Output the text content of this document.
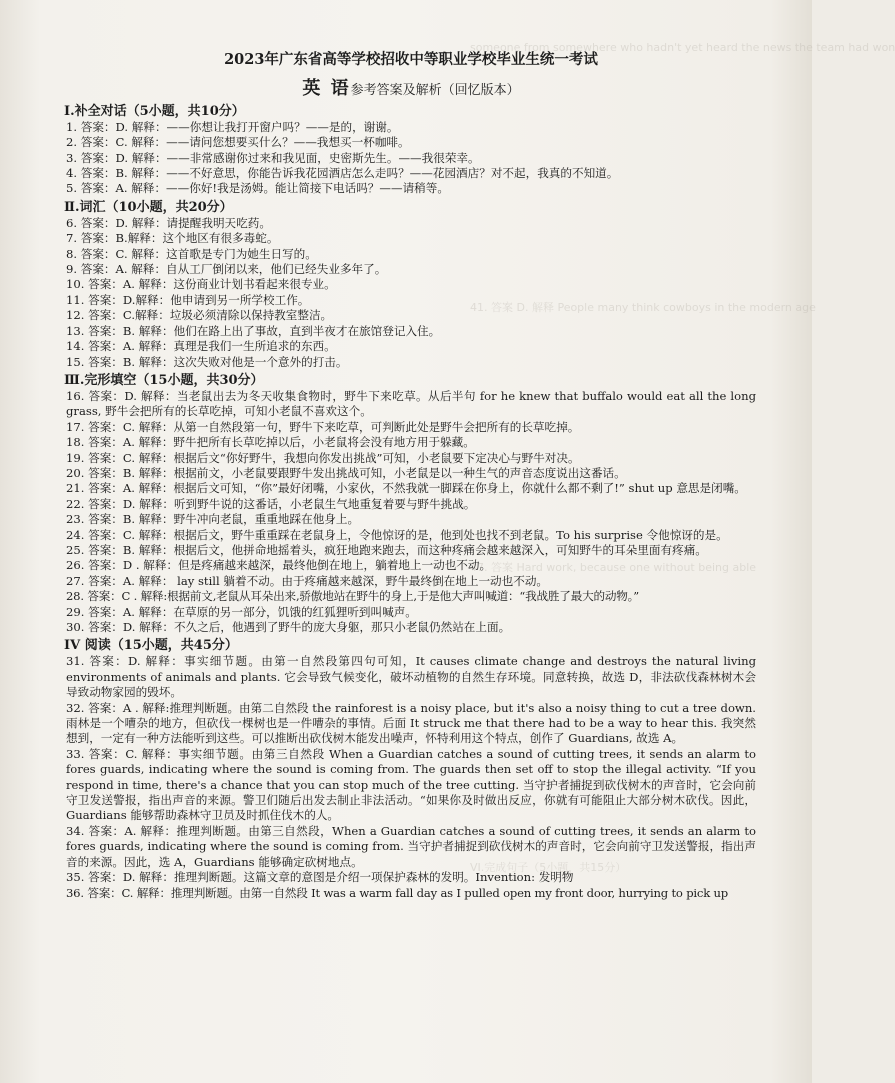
someone from somewhere who hadn't yet heard the news the team had won
41. 答案 D. 解释 People many think cowboys in the modern age
47. 答案 Hard work, because one without being able
VI.完成句子（5小题，共15分）
2023年广东省高等学校招收中等职业学校毕业生统一考试
英 语参考答案及解析（回忆版本）
I.补全对话（5小题，共10分）
1. 答案：D. 解释：——你想让我打开窗户吗？——是的，谢谢。
2. 答案：C. 解释：——请问您想要买什么？——我想买一杯咖啡。
3. 答案：D. 解释：——非常感谢你过来和我见面，史密斯先生。——我很荣幸。
4. 答案：B. 解释：——不好意思，你能告诉我花园酒店怎么走吗？——花园酒店？对不起，我真的不知道。
5. 答案：A. 解释：——你好!我是汤姆。能让简接下电话吗？——请稍等。
Ⅱ.词汇（10小题，共20分）
6. 答案：D. 解释：请提醒我明天吃药。
7. 答案：B.解释：这个地区有很多毒蛇。
8. 答案：C. 解释：这首歌是专门为她生日写的。
9. 答案：A. 解释：自从工厂倒闭以来，他们已经失业多年了。
10. 答案：A. 解释：这份商业计划书看起来很专业。
11. 答案：D.解释：他申请到另一所学校工作。
12. 答案：C.解释：垃圾必须清除以保持教室整洁。
13. 答案：B. 解释：他们在路上出了事故，直到半夜才在旅馆登记入住。
14. 答案：A. 解释：真理是我们一生所追求的东西。
15. 答案：B. 解释：这次失败对他是一个意外的打击。
Ⅲ.完形填空（15小题，共30分）
16. 答案：D. 解释：当老鼠出去为冬天收集食物时，野牛下来吃草。从后半句 for he knew that buffalo would eat all the long grass, 野牛会把所有的长草吃掉，可知小老鼠不喜欢这个。
17. 答案：C. 解释：从第一自然段第一句，野牛下来吃草，可判断此处是野牛会把所有的长草吃掉。
18. 答案：A. 解释：野牛把所有长草吃掉以后，小老鼠将会没有地方用于躲藏。
19. 答案：C. 解释：根据后文“你好野牛，我想向你发出挑战”可知，小老鼠要下定决心与野牛对决。
20. 答案：B. 解释：根据前文，小老鼠要跟野牛发出挑战可知，小老鼠是以一种生气的声音态度说出这番话。
21. 答案：A. 解释：根据后文可知，“你”最好闭嘴，小家伙，不然我就一脚踩在你身上，你就什么都不剩了!” shut up 意思是闭嘴。
22. 答案：D. 解释：听到野牛说的这番话，小老鼠生气地重复着要与野牛挑战。
23. 答案：B. 解释：野牛冲向老鼠，重重地踩在他身上。
24. 答案：C. 解释：根据后文，野牛重重踩在老鼠身上，令他惊讶的是，他到处也找不到老鼠。To his surprise 令他惊讶的是。
25. 答案：B. 解释：根据后文，他拼命地摇着头，疯狂地跑来跑去，而这种疼痛会越来越深入，可知野牛的耳朵里面有疼痛。
26. 答案：D . 解释：但是疼痛越来越深，最终他倒在地上，躺着地上一动也不动。
27. 答案：A. 解释： lay still 躺着不动。由于疼痛越来越深，野牛最终倒在地上一动也不动。
28. 答案：C . 解释:根据前文,老鼠从耳朵出来,骄傲地站在野牛的身上,于是他大声叫喊道：“我战胜了最大的动物。”
29. 答案：A. 解释：在草原的另一部分，饥饿的红狐狸听到叫喊声。
30. 答案：D. 解释：不久之后，他遇到了野牛的庞大身躯，那只小老鼠仍然站在上面。
IV 阅读（15小题，共45分）
31. 答案：D. 解释：事实细节题。由第一自然段第四句可知，It causes climate change and destroys the natural living environments of animals and plants. 它会导致气候变化，破坏动植物的自然生存环境。同意转换，故选 D，非法砍伐森林树木会导致动物家园的毁坏。
32. 答案：A . 解释:推理判断题。由第二自然段 the rainforest is a noisy place, but it's also a noisy thing to cut a tree down. 雨林是一个嘈杂的地方，但砍伐一棵树也是一件嘈杂的事情。后面 It struck me that there had to be a way to hear this. 我突然想到，一定有一种方法能听到这些。可以推断出砍伐树木能发出噪声，怀特利用这个特点，创作了 Guardians, 故选 A。
33. 答案：C. 解释：事实细节题。由第三自然段 When a Guardian catches a sound of cutting trees, it sends an alarm to fores guards, indicating where the sound is coming from. The guards then set off to stop the illegal activity. “If you respond in time, there's a chance that you can stop much of the tree cutting. 当守护者捕捉到砍伐树木的声音时，它会向前守卫发送警报，指出声音的来源。警卫们随后出发去制止非法活动。“如果你及时做出反应，你就有可能阻止大部分树木砍伐。因此，Guardians 能够帮助森林守卫员及时抓住伐木的人。
34. 答案：A. 解释：推理判断题。由第三自然段，When a Guardian catches a sound of cutting trees, it sends an alarm to fores guards, indicating where the sound is coming from. 当守护者捕捉到砍伐树木的声音时，它会向前守卫发送警报，指出声音的来源。因此，选 A，Guardians 能够确定砍树地点。
35. 答案：D. 解释：推理判断题。这篇文章的意图是介绍一项保护森林的发明。Invention: 发明物
36. 答案：C. 解释：推理判断题。由第一自然段 It was a warm fall day as I pulled open my front door, hurrying to pick up
